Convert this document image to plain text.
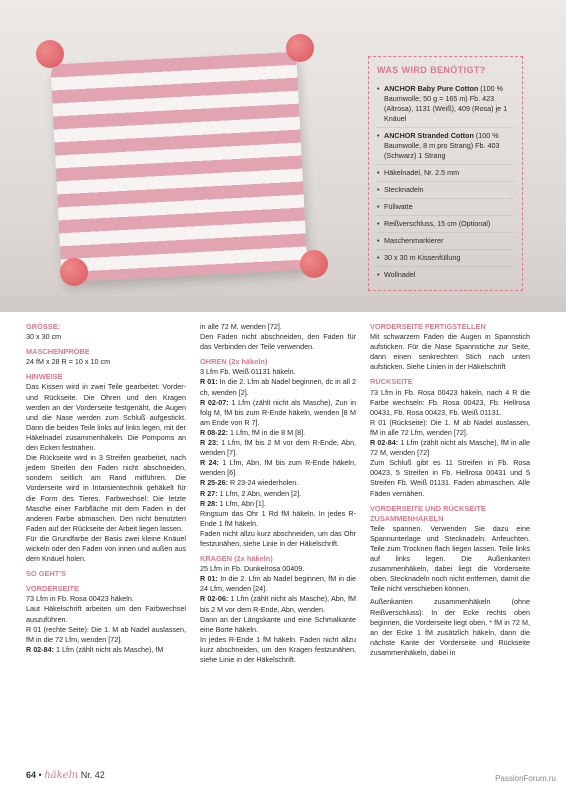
WAS WIRD BENÖTIGT?
• ANCHOR Baby Pure Cotton (100 % Baumwolle; 50 g = 165 m) Fb. 423 (Altrosa), 1131 (Weiß), 409 (Rosa) je 1 Knäuel
• ANCHOR Stranded Cotton (100 % Baumwolle, 8 m pro Strang) Fb. 403 (Schwarz) 1 Strang
• Häkelnadel, Nr. 2.5 mm
• Stecknadeln
• Füllwatte
• Reißverschluss, 15 cm (Optional)
• Maschenmarkierer
• 30 x 30 m Kissenfüllung
• Wollnadel
GRÖSSE:

30 x 30 cm

MASCHENPROBE

24 fM x 28 R = 10 x 10 cm

HINWEISE

Das Kissen wird in zwei Teile gearbeitet: Vorder- und Rückseite. Die Ohren und den Kragen werden an der Vorderseite festgenäht, die Augen und die Nase werden zum Schluß aufgestickt. Dann die beiden Teile links auf links legen, mit der Häkelnadel zusammenhäkeln. Die Pompoms an den Ecken festnähen.

Die Rückseite wird in 3 Streifen gearbeitet, nach jedem Streifen den Faden nicht abschneiden, sondern seitlich am Rand mitführen. Die Vorderseite wird in Intarsientechnik gehäkelt für die Form des Tieres. Farbwechsel: Die letzte Masche einer Farbfläche mit dem Faden in der anderen Farbe abmaschen. Den nicht benutzten Faden auf der Rückseite der Arbeit liegen lassen.

Für die Grundfarbe der Basis zwei kleine Knäuel wickeln oder den Faden von innen und außen aus dem Knäuel holen.

SO GEHT'S
VORDERSEITE

73 Lfm in Fb. Rosa 00423 häkeln.

Laut Häkelschrift arbeiten um den Farbwechsel auszuführen.

R 01 (rechte Seite): Die 1. M ab Nadel auslassen, fM in die 72 Lfm, wenden [72].

R 02-84: 1 Lfm (zählt nicht als Masche), fM

in alle 72 M, wenden [72].

Den Faden nicht abschneiden, den Faden für das Verbinden der Teile verwenden.

OHREN (2x häkeln)

3 Lfm Fb. Weiß 01131 häkeln.

R 01: In die 2. Lfm ab Nadel beginnen, dc in all 2 ch, wenden [2].

R 02-07: 1 Lfm (zählt nicht als Masche), Zun in folg M, fM bis zum R-Ende häkeln, wenden [8 M am Ende von R 7].

R 08-22: 1 Lfm, fM in die 8 M [8].

R 23: 1 Lfm, fM bis 2 M vor dem R-Ende, Abn, wenden [7].

R 24: 1 Lfm, Abn, fM bis zum R-Ende häkeln, wenden [6].

R 25-26: R 23-24 wiederholen.

R 27: 1 Lfm, 2 Abn, wenden [2].

R 28: 1 Lfm, Abn [1].

Ringsum das Ohr 1 Rd fM häkeln. In jedes R-Ende 1 fM häkeln.

Faden nicht allzu kurz abschneiden, um das Ohr festzunähen, siehe Linie in der Häkelschrift.

KRAGEN (2x häkeln)

25 Lfm in Fb. Dunkelrosa 00409.

R 01: In die 2. Lfm ab Nadel beginnen, fM in die 24 Lfm, wenden [24].

R 02-06: 1 Lfm (zählt nicht als Masche), Abn, fM bis 2 M vor dem R-Ende, Abn, wenden.

Dann an der Längskante und eine Schmalkante eine Borte häkeln.

In jedes R-Ende 1 fM häkeln. Faden nicht allzu kurz abschneiden, um den Kragen festzunähen, siehe Linie in der Häkelschrift.

VORDERSEITE FERTIGSTELLEN

Mit schwarzem Faden die Augen in Spannstich aufsticken. Für die Nase Spannstiche zur Seite, dann einen senkrechten Stich nach unten aufsticken. Siehe Linien in der Häkelschrift

RÜCKSEITE

73 Lfm in Fb. Rosa 00423 häkeln, nach 4 R die Farbe wechseln: Fb. Rosa 00423, Fb. Hellrosa 00431, Fb. Rosa 00423, Fb. Weiß 01131.

R 01 (Rückseite): Die 1. M ab Nadel auslassen, fM in alle 72 Lfm, wenden [72].

R 02-84: 1 Lfm (zählt nicht als Masche), fM in alle 72 M, wenden [72]

Zum Schluß gibt es 11 Streifen in Fb. Rosa 00423, 5 Streifen in Fb. Hellrosa 00431 und 5 Streifen Fb. Weiß 01131. Faden abmaschen. Alle Fäden vernähen.

VORDERSEITE UND RÜCKSEITE ZUSAMMENHÄKELN

Teile spannen. Verwenden Sie dazu eine Spannunterlage und Stecknadeln. Anfeuchten. Teile zum Trocknen flach liegen lassen. Teile links auf links legen. Die Außenkanten zusammenhäkeln, dabei liegt die Vorderseite oben. Stecknadeln noch nicht entfernen, damit die Teile nicht verschieben können.

Außenkanten zusammenhäkeln (ohne Reißverschluss): In der Ecke rechts oben beginnen, die Vorderseite liegt oben, * fM in 72 M, an der Ecke 1 fM zusätzlich häkeln, dann die nächste Kante der Vorderseite und Rückseite zusammenhäkeln, dabei in

64 • häkeln Nr. 42	PassionForum.ru
